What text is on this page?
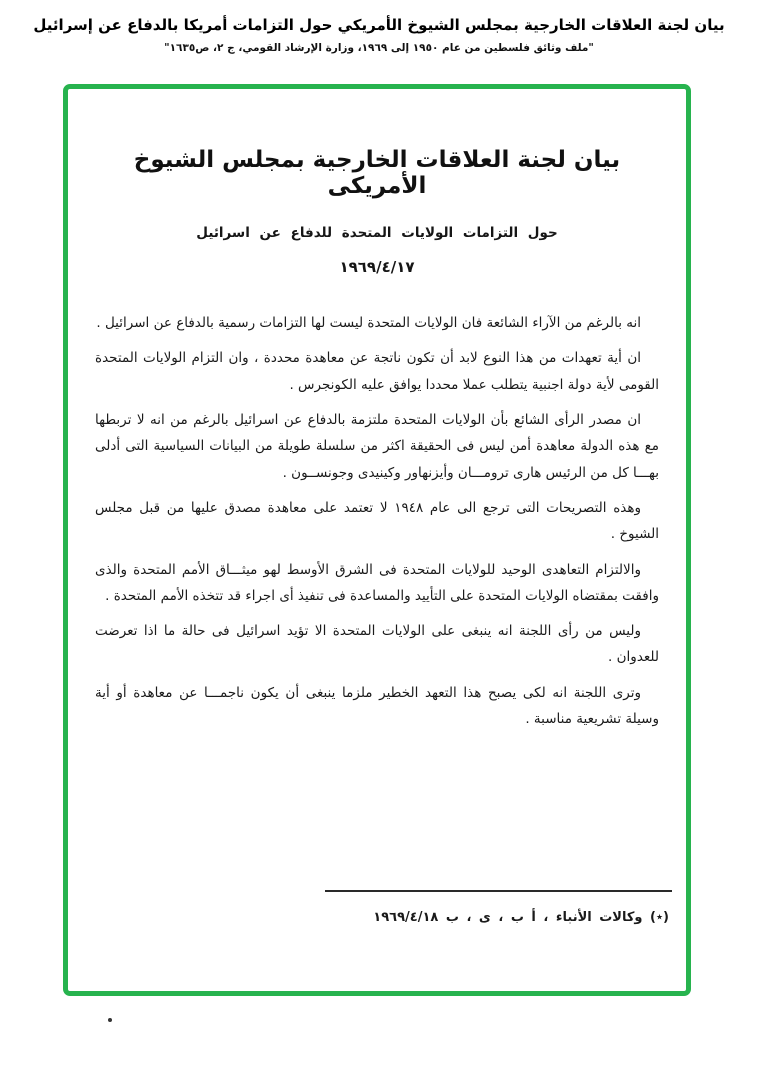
بيان لجنة العلاقات الخارجية بمجلس الشيوخ الأمريكي حول التزامات أمريكا بالدفاع عن إسرائيل
"ملف وثائق فلسطين من عام ١٩٥٠ إلى ١٩٦٩، وزارة الإرشاد القومي، ج ٢، ص١٦٣٥"
بيان لجنة العلاقات الخارجية بمجلس الشيوخ الأمريكى
حول التزامات الولايات المتحدة للدفاع عن اسرائيل
١٩٦٩/٤/١٧

انه بالرغم من الآراء الشائعة فان الولايات المتحدة ليست لها التزامات رسمية بالدفاع عن اسرائيل .

ان أية تعهدات من هذا النوع لابد أن تكون ناتجة عن معاهدة محددة ، وان التزام الولايات المتحدة القومى لأية دولة اجنبية يتطلب عملا محددا يوافق عليه الكونجرس .

ان مصدر الرأى الشائع بأن الولايات المتحدة ملتزمة بالدفاع عن اسرائيل بالرغم من انه لا تربطها مع هذه الدولة معاهدة أمن ليس فى الحقيقة اكثر من سلسلة طويلة من البيانات السياسية التى أدلى بهـــا كل من الرئيس هارى ترومـــان وأيزنهاور وكينيدى وجونســون .

وهذه التصريحات التى ترجع الى عام ١٩٤٨ لا تعتمد على معاهدة مصدق عليها من قبل مجلس الشيوخ .

والالتزام التعاهدى الوحيد للولايات المتحدة فى الشرق الأوسط لهو ميثـــاق الأمم المتحدة والذى وافقت بمقتضاه الولايات المتحدة على التأييد والمساعدة فى تنفيذ أى اجراء قد تتخذه الأمم المتحدة .

وليس من رأى اللجنة انه ينبغى على الولايات المتحدة الا تؤيد اسرائيل فى حالة ما اذا تعرضت للعدوان .

وترى اللجنة انه لكى يصبح هذا التعهد الخطير ملزما ينبغى أن يكون ناجمـــا عن معاهدة أو أية وسيلة تشريعية مناسبة .

(٭) وكالات الأنباء ، أ ب ، ى ، ب ١٩٦٩/٤/١٨
